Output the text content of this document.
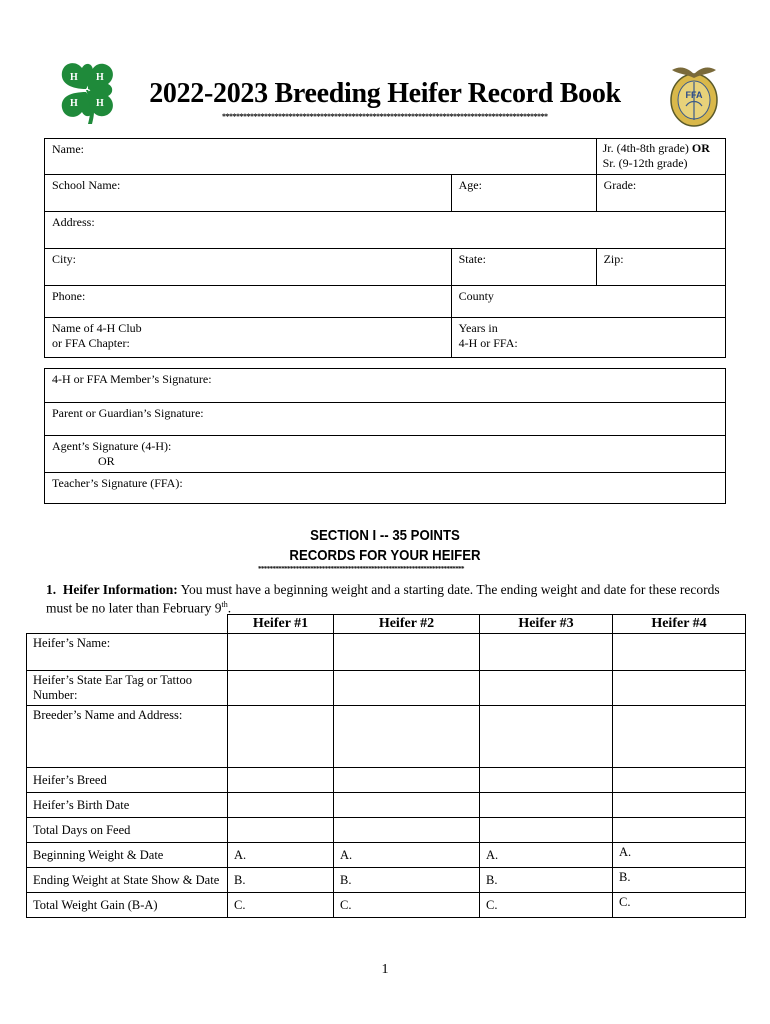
H H
H H	2022-2023 Breeding Heifer Record Book
*********************************************************************************************
FFA
Name:		Jr. (4th-8th grade) OR
Sr. (9-12th grade)
School Name:	Age:	Grade:
Address:		
City:	State:	Zip:
Phone:	County	
Name of 4-H Club
or FFA Chapter:	Years in
4-H or FFA:	
4-H or FFA Member’s Signature:
Parent or Guardian’s Signature:
Agent’s Signature (4-H):
OR
Teacher’s Signature (FFA):
SECTION I -- 35 POINTS
RECORDS FOR YOUR HEIFER
***********************************************************************
1. Heifer Information: You must have a beginning weight and a starting date. The ending weight and date for these records must be no later than February 9th.
	Heifer #1	Heifer #2	Heifer #3	Heifer #4
Heifer’s Name:				
Heifer’s State Ear Tag or Tattoo Number:				
Breeder’s Name and Address:				
Heifer’s Breed				
Heifer’s Birth Date				
Total Days on Feed				
Beginning Weight & Date	A.	A.	A.	A.
Ending Weight at State Show & Date	B.	B.	B.	B.
Total Weight Gain (B-A)	C.	C.	C.	C.
1
